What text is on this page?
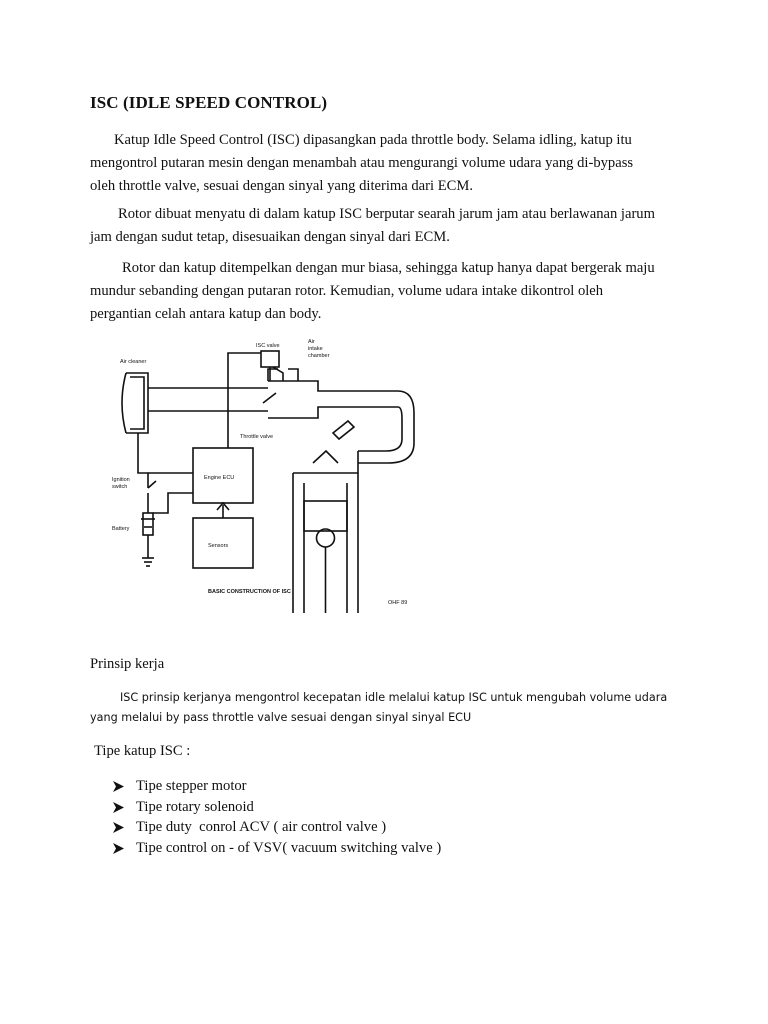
ISC (IDLE SPEED CONTROL)
Katup Idle Speed Control (ISC) dipasangkan pada throttle body. Selama idling, katup itu
mengontrol putaran mesin dengan menambah atau mengurangi volume udara yang di-bypass
oleh throttle valve, sesuai dengan sinyal yang diterima dari ECM.
Rotor dibuat menyatu di dalam katup ISC berputar searah jarum jam atau berlawanan jarum
jam dengan sudut tetap, disesuaikan dengan sinyal dari ECM.
Rotor dan katup ditempelkan dengan mur biasa, sehingga katup hanya dapat bergerak maju
mundur sebanding dengan putaran rotor. Kemudian, volume udara intake dikontrol oleh
pergantian celah antara katup dan body.
Air cleaner
ISC valve
Air
intake
chamber
Throttle valve
Ignition
switch
Battery
Engine ECU
Sensors
BASIC CONSTRUCTION OF ISC
OHF 89
Prinsip kerja
ISC prinsip kerjanya mengontrol kecepatan idle melalui katup ISC untuk mengubah volume udara
yang melalui by pass throttle valve sesuai dengan sinyal sinyal ECU
Tipe katup ISC :
Tipe stepper motor
Tipe rotary solenoid
Tipe duty  conrol ACV ( air control valve )
Tipe control on - of VSV( vacuum switching valve )
